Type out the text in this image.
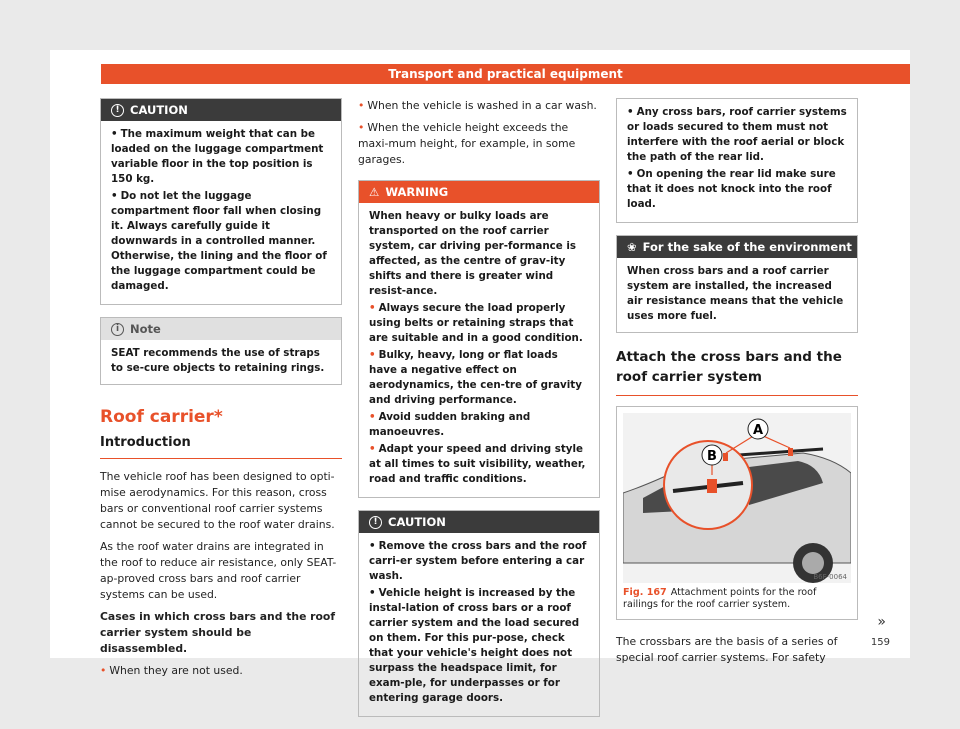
Transport and practical equipment
! CAUTION

• The maximum weight that can be loaded on the luggage compartment variable floor in the top position is 150 kg.

• Do not let the luggage compartment floor fall when closing it. Always carefully guide it downwards in a controlled manner. Otherwise, the lining and the floor of the luggage compartment could be damaged.

i Note
SEAT recommends the use of straps to se-cure objects to retaining rings.
Roof carrier*
Introduction

The vehicle roof has been designed to opti-mise aerodynamics. For this reason, cross bars or conventional roof carrier systems cannot be secured to the roof water drains.

As the roof water drains are integrated in the roof to reduce air resistance, only SEAT-ap-proved cross bars and roof carrier systems can be used.

Cases in which cross bars and the roof carrier system should be disassembled.

• When they are not used.

• When the vehicle is washed in a car wash.

• When the vehicle height exceeds the maxi-mum height, for example, in some garages.

⚠ WARNING

When heavy or bulky loads are transported on the roof carrier system, car driving per-formance is affected, as the centre of grav-ity shifts and there is greater wind resist-ance.

• Always secure the load properly using belts or retaining straps that are suitable and in a good condition.

• Bulky, heavy, long or flat loads have a negative effect on aerodynamics, the cen-tre of gravity and driving performance.

• Avoid sudden braking and manoeuvres.

• Adapt your speed and driving style at all times to suit visibility, weather, road and traffic conditions.

! CAUTION

• Remove the cross bars and the roof carri-er system before entering a car wash.

• Vehicle height is increased by the instal-lation of cross bars or a roof carrier system and the load secured on them. For this pur-pose, check that your vehicle's height does not surpass the headspace limit, for exam-ple, for underpasses or for entering garage doors.

• Any cross bars, roof carrier systems or loads secured to them must not interfere with the roof aerial or block the path of the rear lid.

• On opening the rear lid make sure that it does not knock into the roof load.

❀ For the sake of the environment
When cross bars and a roof carrier system are installed, the increased air resistance means that the vehicle uses more fuel.
Attach the cross bars and the roof carrier system
A
B
B6F-0064
Fig. 167 Attachment points for the roof railings for the roof carrier system.

The crossbars are the basis of a series of special roof carrier systems. For safety

»
159
